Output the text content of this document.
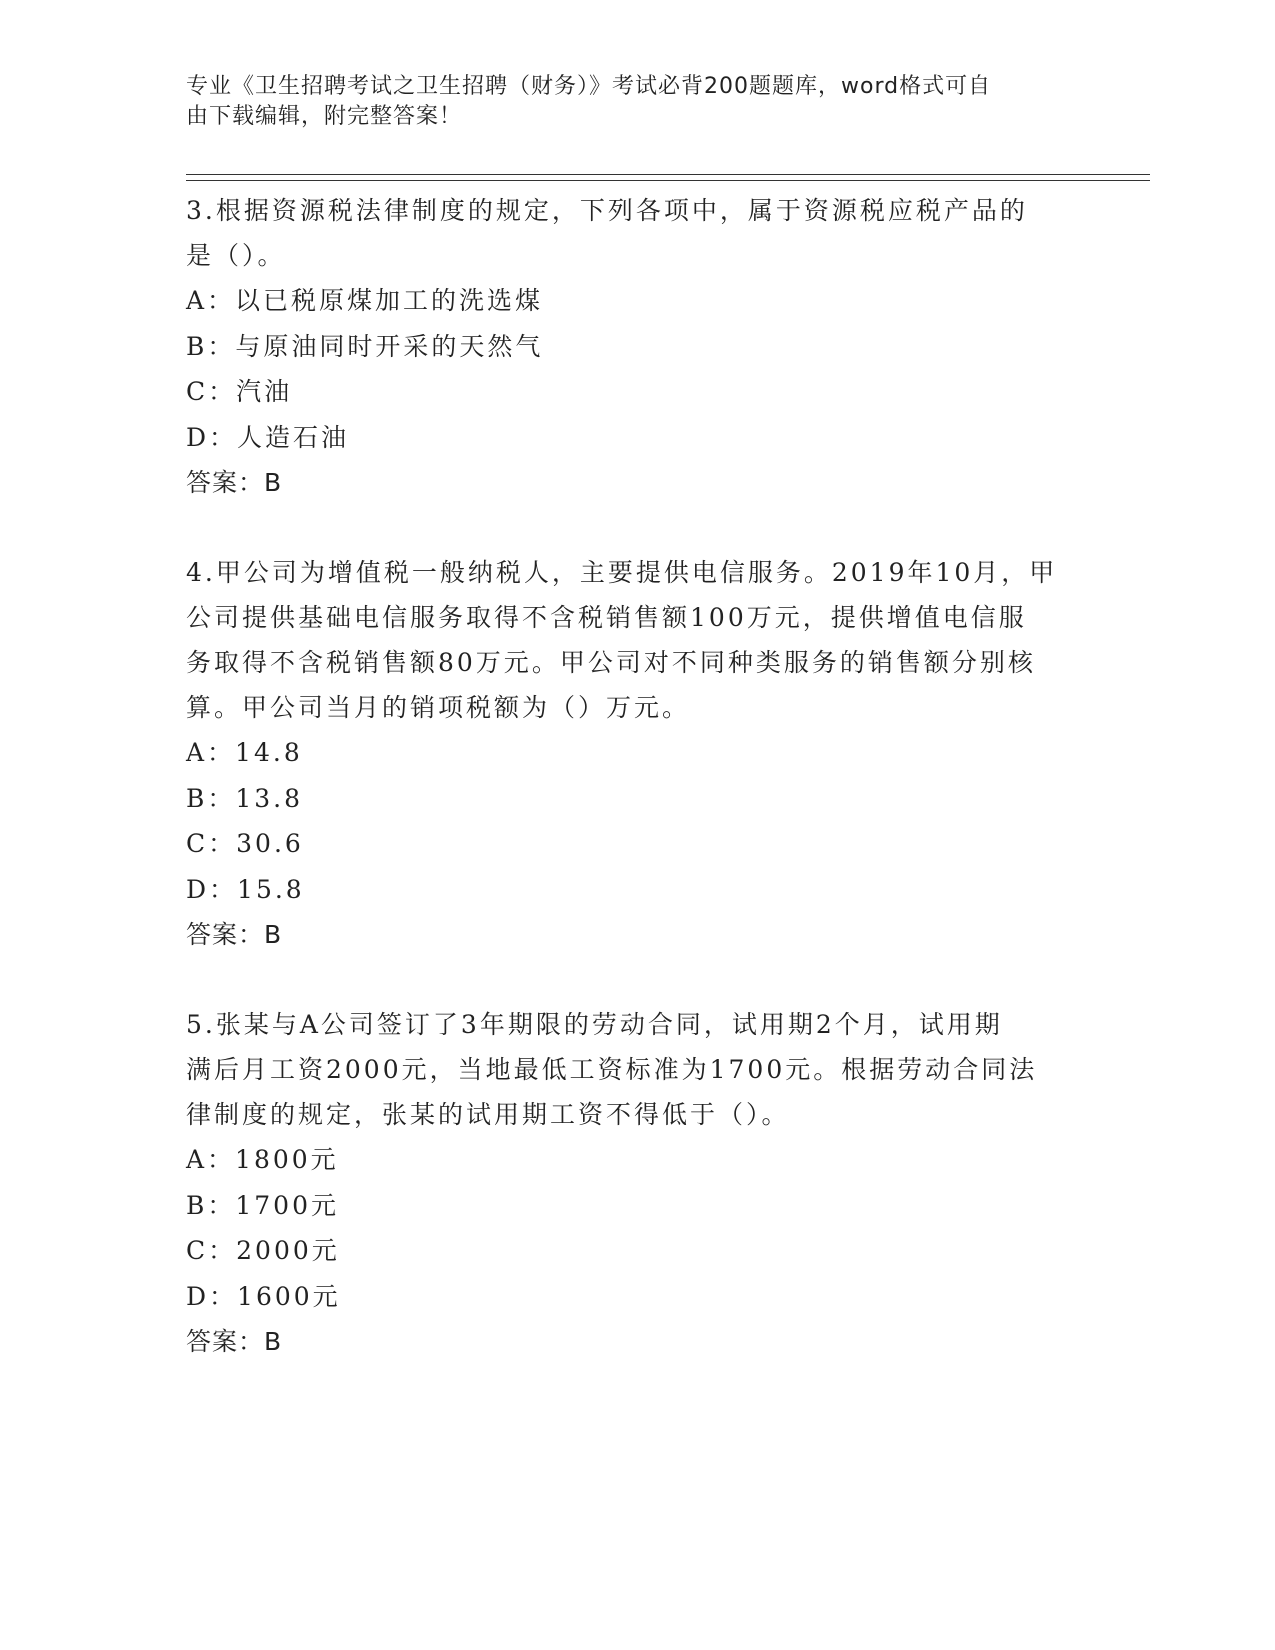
专业《卫生招聘考试之卫生招聘（财务）》考试必背200题题库，word格式可自
由下载编辑，附完整答案！

3.根据资源税法律制度的规定，下列各项中，属于资源税应税产品的

是（）。

A：以已税原煤加工的洗选煤

B：与原油同时开采的天然气

C：汽油

D：人造石油

答案：B

4.甲公司为增值税一般纳税人，主要提供电信服务。2019年10月，甲

公司提供基础电信服务取得不含税销售额100万元，提供增值电信服

务取得不含税销售额80万元。甲公司对不同种类服务的销售额分别核

算。甲公司当月的销项税额为（）万元。

A：14.8

B：13.8

C：30.6

D：15.8

答案：B

5.张某与A公司签订了3年期限的劳动合同，试用期2个月，试用期

满后月工资2000元，当地最低工资标准为1700元。根据劳动合同法

律制度的规定，张某的试用期工资不得低于（）。

A：1800元

B：1700元

C：2000元

D：1600元

答案：B
